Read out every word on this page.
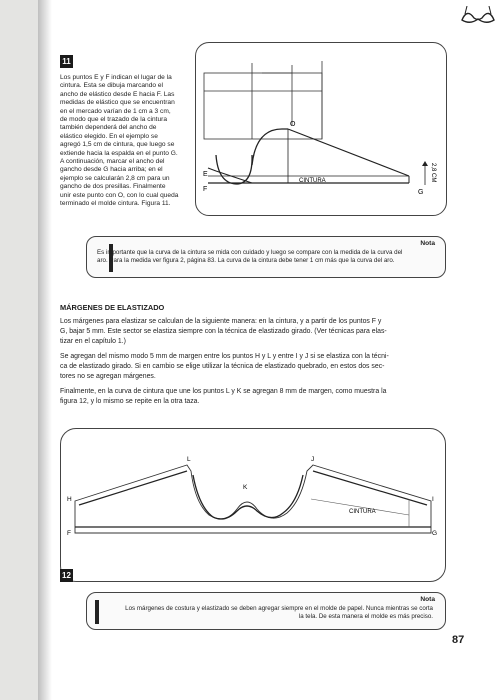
11
Los puntos E y F indican el lugar de la
cintura. Esta se dibuja marcando el
ancho de elástico desde E hacia F. Las
medidas de elástico que se encuentran
en el mercado varían de 1 cm a 3 cm,
de modo que el trazado de la cintura
también dependerá del ancho de
elástico elegido. En el ejemplo se
agregó 1,5 cm de cintura, que luego se
extiende hacia la espalda en el punto G.
A continuación, marcar el ancho del
gancho desde G hacia arriba; en el
ejemplo se calcularán 2,8 cm para un
gancho de dos presillas. Finalmente
unir este punto con O, con lo cual queda
terminado el molde cintura. Figura 11.
O
E
F	G
CINTURA	2,8 CM
Nota
Es importante que la curva de la cintura se mida con cuidado y luego se compare con la medida de la curva del
aro. Para la medida ver figura 2, página 83. La curva de la cintura debe tener 1 cm más que la curva del aro.
MÁRGENES DE ELASTIZADO

Los márgenes para elastizar se calculan de la siguiente manera: en la cintura, y a partir de los puntos F y
G, bajar 5 mm. Este sector se elastiza siempre con la técnica de elastizado girado. (Ver técnicas para elas-
tizar en el capítulo 1.)

Se agregan del mismo modo 5 mm de margen entre los puntos H y L y entre I y J si se elastiza con la técni-
ca de elastizado girado. Si en cambio se elige utilizar la técnica de elastizado quebrado, en estos dos sec-
tores no se agregan márgenes.

Finalmente, en la curva de cintura que une los puntos L y K se agregan 8 mm de margen, como muestra la
figura 12, y lo mismo se repite en la otra taza.

L	J
K
H	I
F	G
CINTURA
12
Nota
Los márgenes de costura y elastizado se deben agregar siempre en el molde de papel. Nunca mientras se corta
la tela. De esta manera el molde es más preciso.
87
